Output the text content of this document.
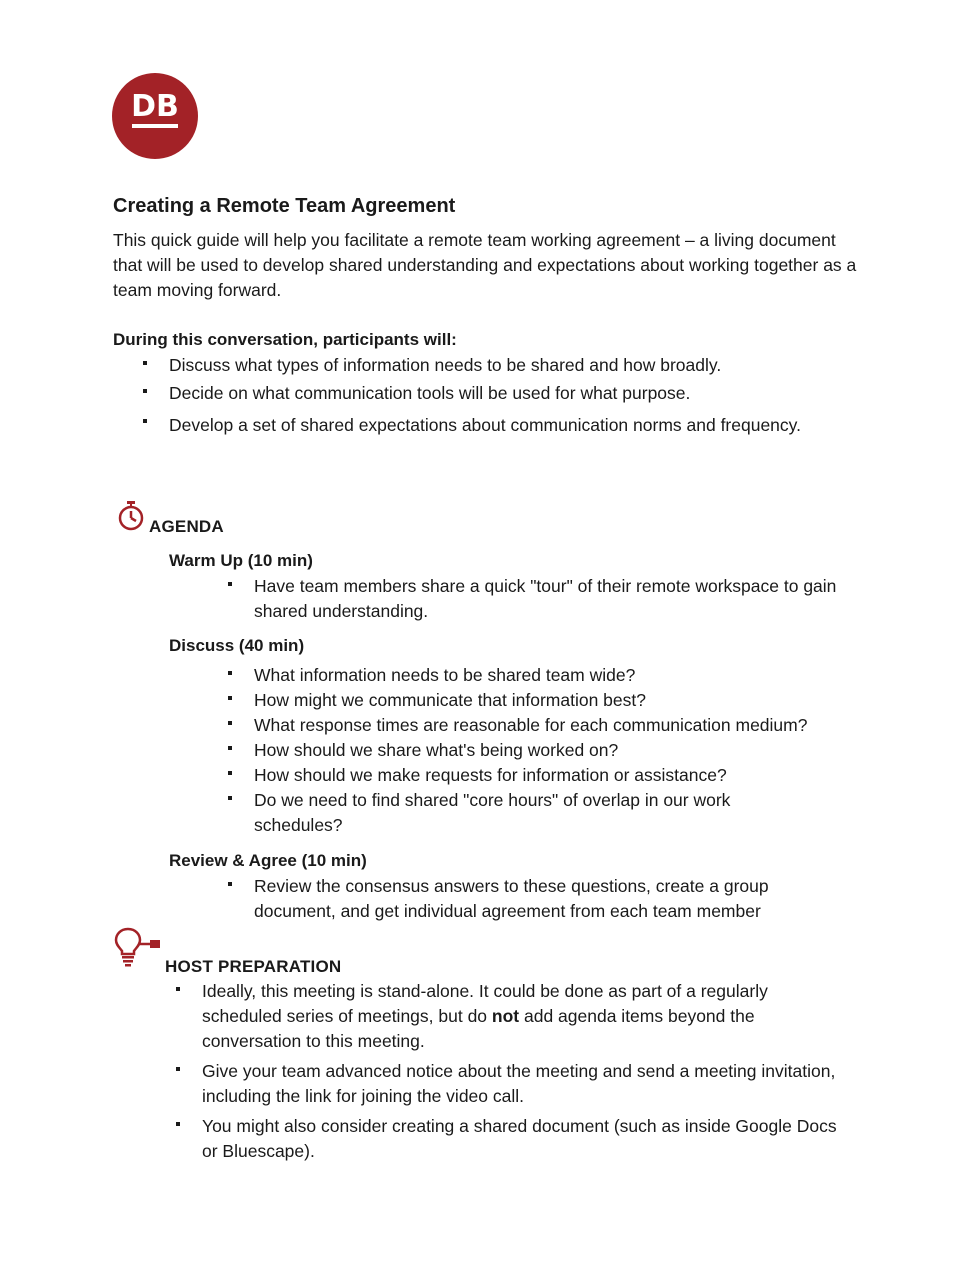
DB
Creating a Remote Team Agreement

This quick guide will help you facilitate a remote team working agreement – a living document that will be used to develop shared understanding and expectations about working together as a team moving forward.

During this conversation, participants will:

Discuss what types of information needs to be shared and how broadly.
Decide on what communication tools will be used for what purpose.
Develop a set of shared expectations about communication norms and frequency.

AGENDA

Warm Up (10 min)

Have team members share a quick "tour" of their remote workspace to gain shared understanding.

Discuss (40 min)

What information needs to be shared team wide?
How might we communicate that information best?
What response times are reasonable for each communication medium?
How should we share what's being worked on?
How should we make requests for information or assistance?
Do we need to find shared "core hours" of overlap in our work schedules?

Review & Agree (10 min)

Review the consensus answers to these questions, create a group document, and get individual agreement from each team member

HOST PREPARATION

Ideally, this meeting is stand-alone. It could be done as part of a regularly scheduled series of meetings, but do not add agenda items beyond the conversation to this meeting.
Give your team advanced notice about the meeting and send a meeting invitation, including the link for joining the video call.
You might also consider creating a shared document (such as inside Google Docs or Bluescape).
